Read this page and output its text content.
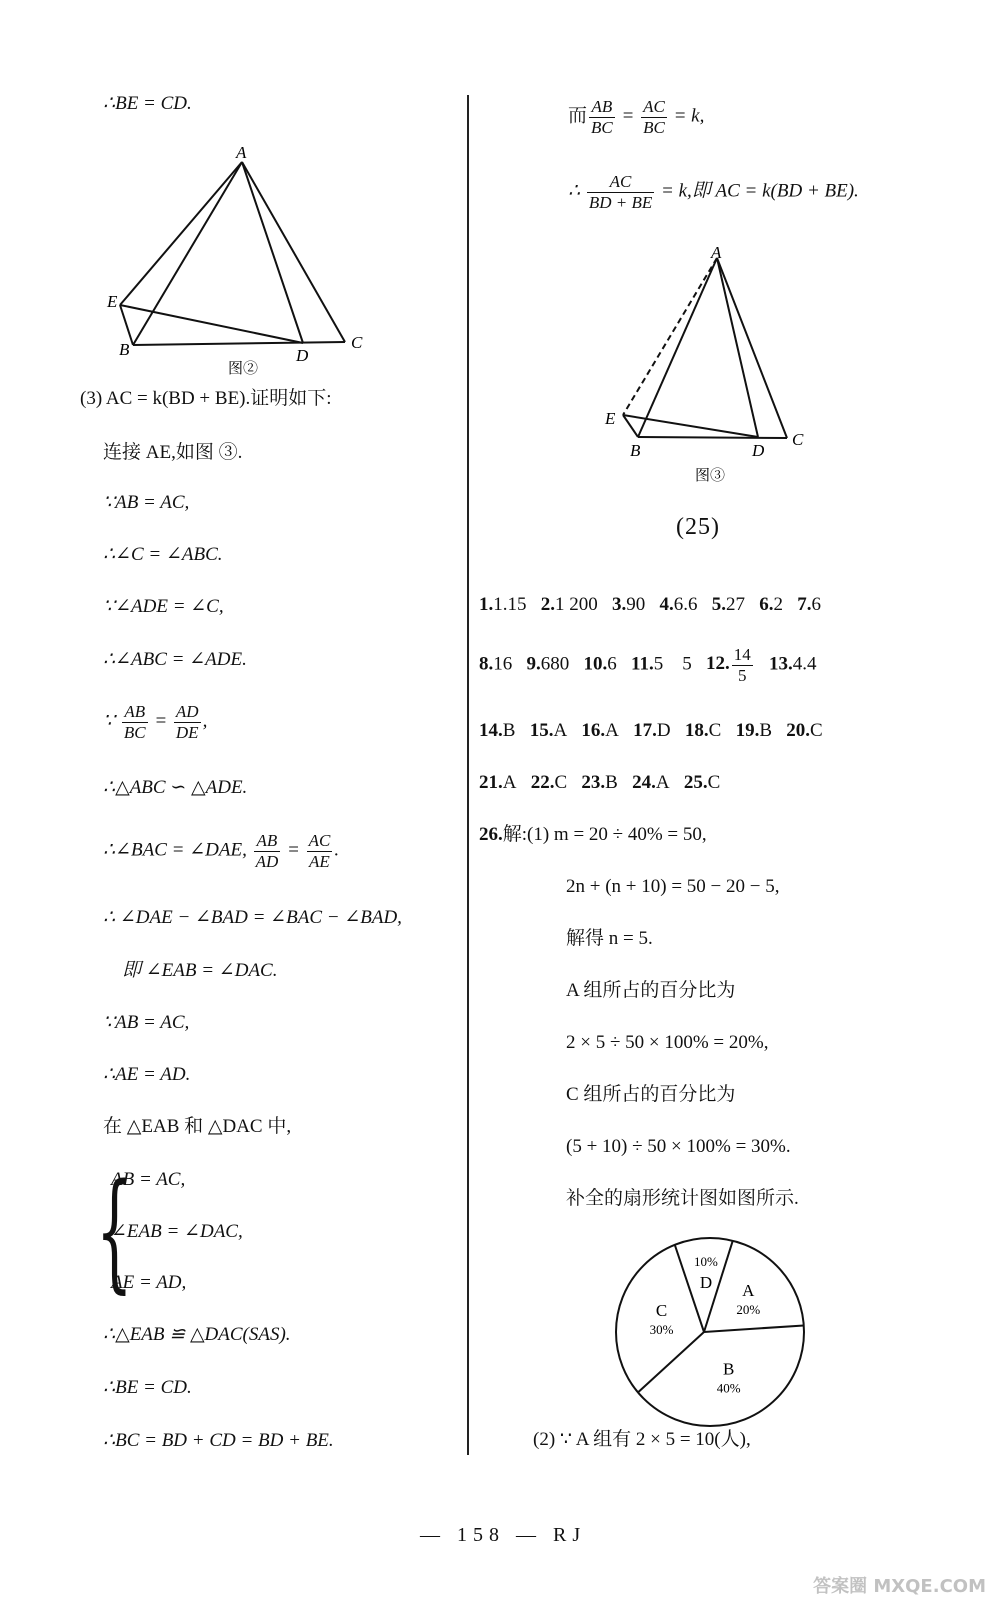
∴BE = CD.
A
E
B	D
C
图②
(3) AC = k(BD + BE).证明如下:
连接 AE,如图 ③.
∵AB = AC,
∴∠C = ∠ABC.
∵∠ADE = ∠C,
∴∠ABC = ∠ADE.
∵ $\frac{AB}{BC} = \frac{AD}{DE}$ ,
∴△ABC ∽ △ADE.
∴∠BAC = ∠DAE, $\frac{AB}{AD} = \frac{AC}{AE}$ .
∴ ∠DAE − ∠BAD = ∠BAC − ∠BAD,
即 ∠EAB = ∠DAC.
∵AB = AC,
∴AE = AD.
在 △EAB 和 △DAC 中,
{
AB = AC,
∠EAB = ∠DAC,
AE = AD,
∴△EAB ≌ △DAC(SAS).
∴BE = CD.
∴BC = BD + CD = BD + BE.
而 $\frac{AB}{BC} = \frac{AC}{BC} = k$,
∴ $\frac{AC}{BD + BE} = k$,即 AC = k(BD + BE).
A
E
B	D
C
图③
(25)
1.1.15 2.1 200 3.90 4.6.6 5.27 6.2 7.6
8.16 9.680 10.6 11.5　5 12. $\frac{14}{5} 13.4.4$
14.B 15.A 16.A 17.D 18.C 19.B 20.C
21.A 22.C 23.B 24.A 25.C
26.解:(1) m = 20 ÷ 40% = 50,
2n + (n + 10) = 50 − 20 − 5,
解得 n = 5.
A 组所占的百分比为
2 × 5 ÷ 50 × 100% = 20%,
C 组所占的百分比为
(5 + 10) ÷ 50 × 100% = 30%.
补全的扇形统计图如图所示.
A
20%
B
40%
C
30%
D
10%
(2) ∵ A 组有 2 × 5 = 10(人),
— 158 — RJ
答案圈 MXQE.COM
